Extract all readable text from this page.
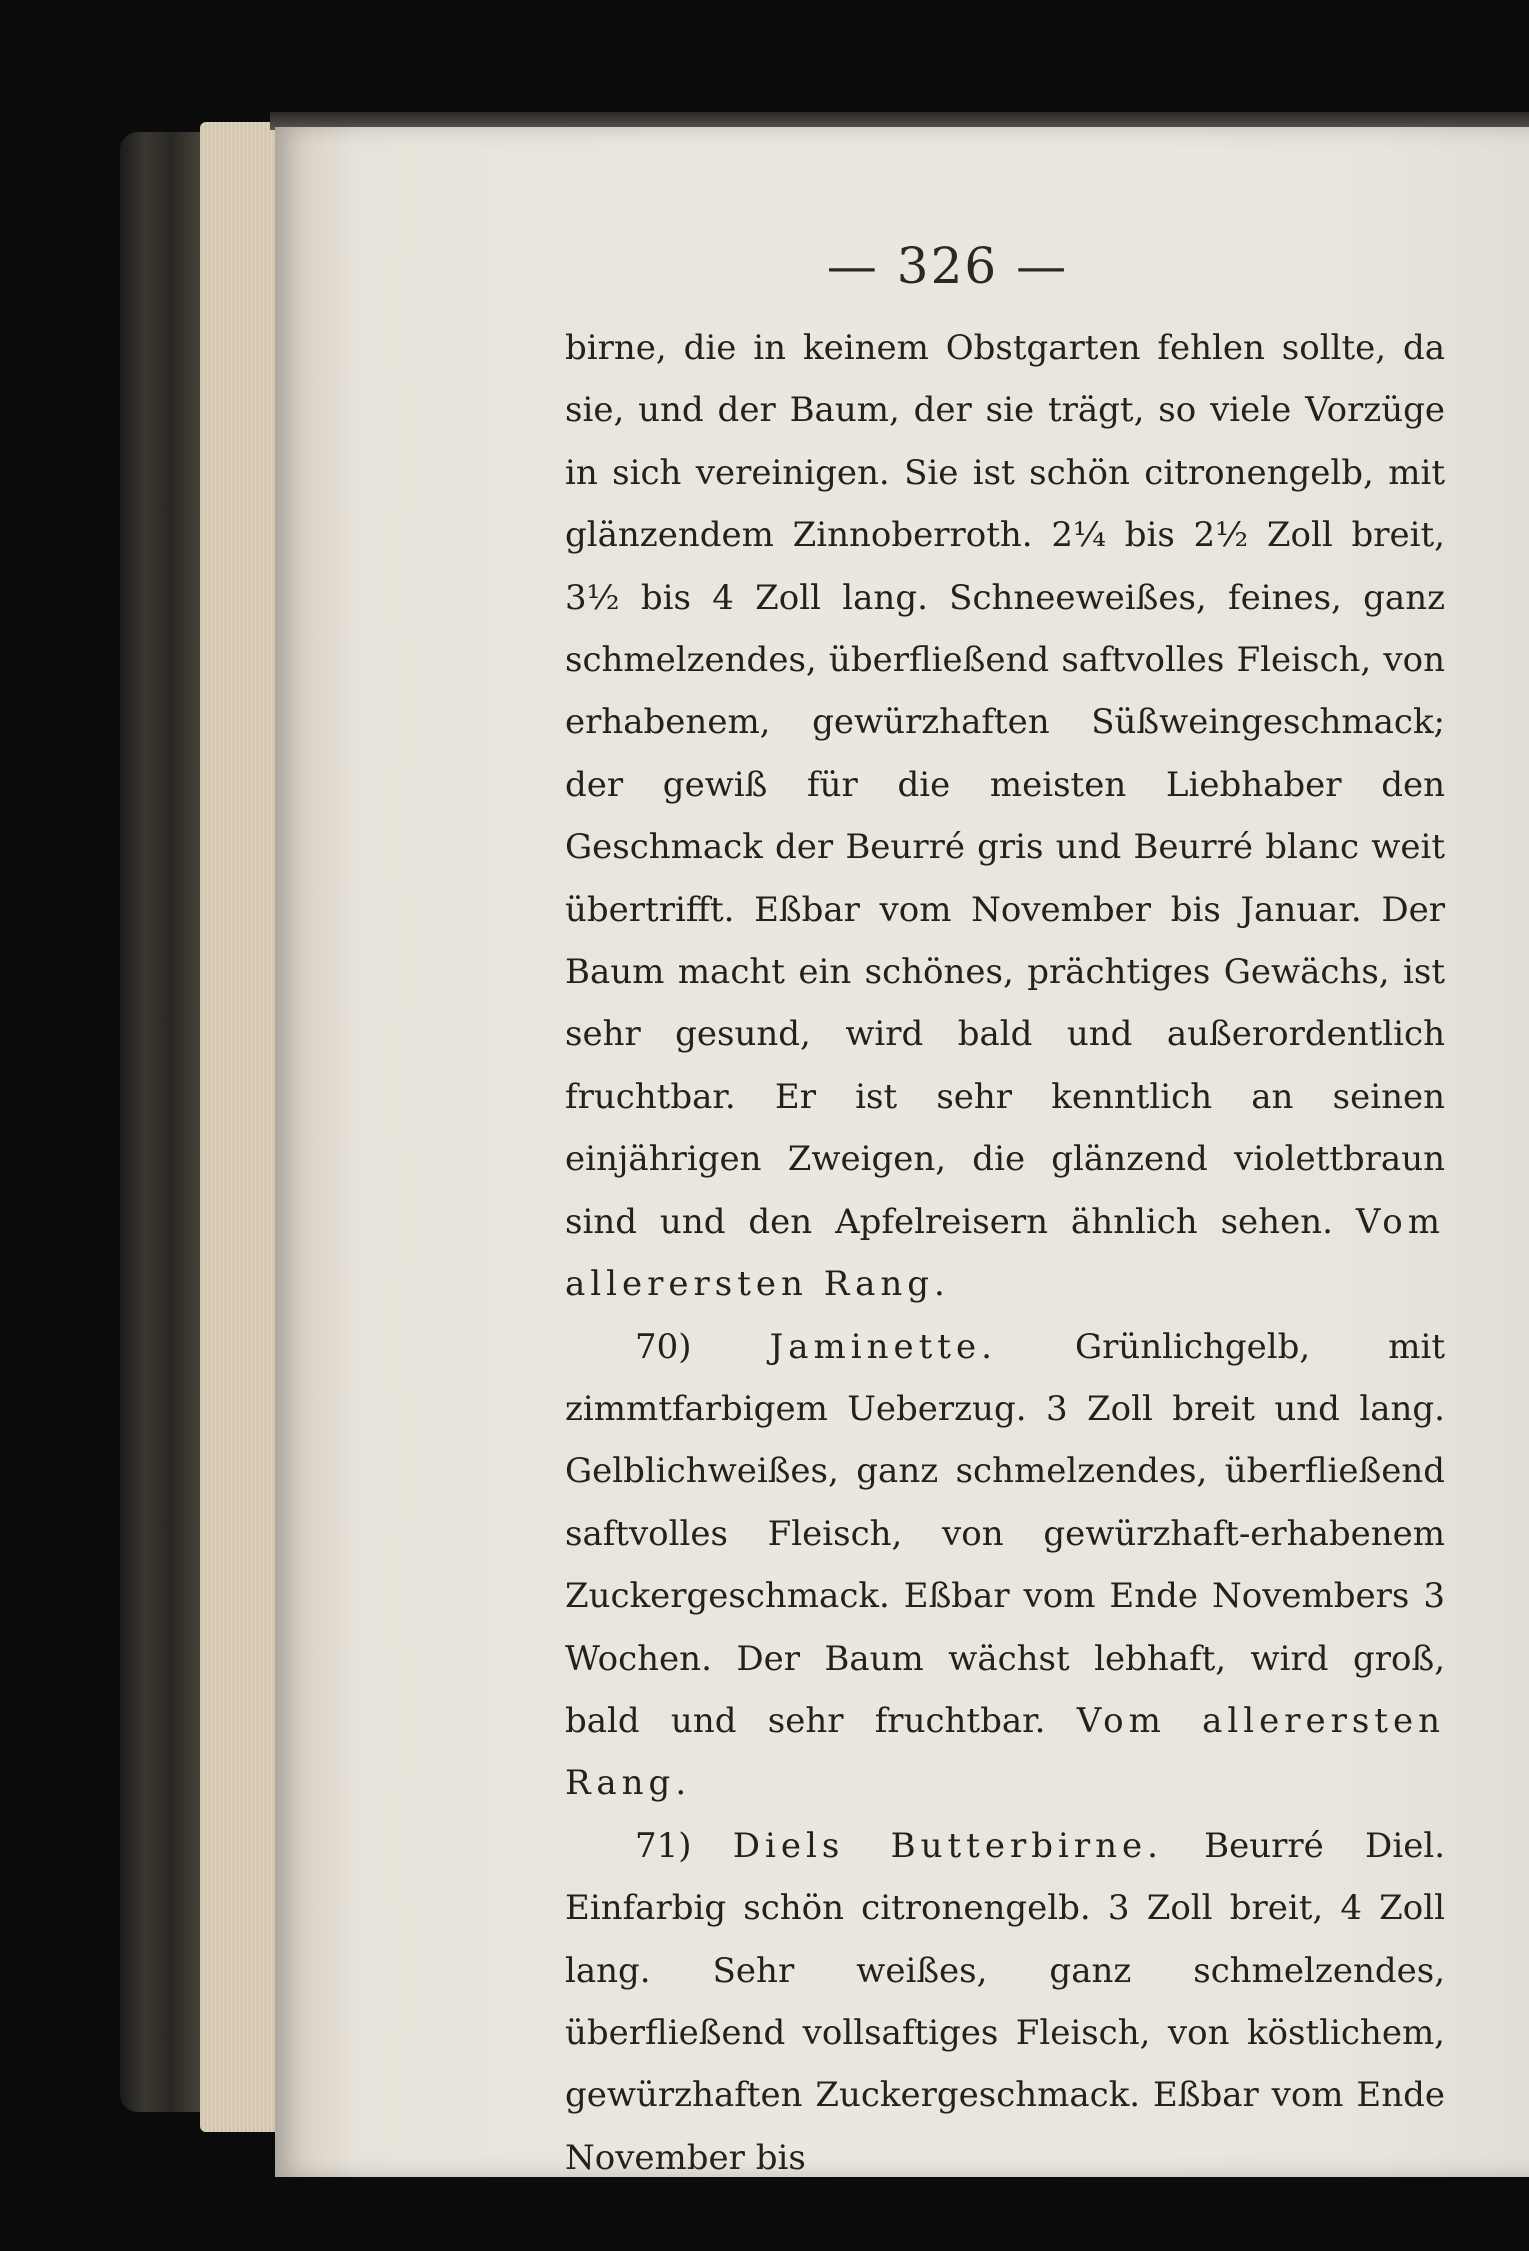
— 326 —

birne, die in keinem Obstgarten fehlen sollte, da sie, und der Baum, der sie trägt, so viele Vorzüge in sich vereinigen. Sie ist schön citronengelb, mit glänzendem Zinnoberroth. 2¼ bis 2½ Zoll breit, 3½ bis 4 Zoll lang. Schneeweißes, feines, ganz schmelzendes, überfließend saftvolles Fleisch, von erhabenem, gewürzhaften Süßweingeschmack; der gewiß für die meisten Liebhaber den Geschmack der Beurré gris und Beurré blanc weit übertrifft. Eßbar vom November bis Januar. Der Baum macht ein schönes, prächtiges Gewächs, ist sehr gesund, wird bald und außerordentlich fruchtbar. Er ist sehr kenntlich an seinen einjährigen Zweigen, die glänzend violettbraun sind und den Apfelreisern ähnlich sehen. Vom allerersten Rang.

70) Jaminette. Grünlichgelb, mit zimmtfarbigem Ueberzug. 3 Zoll breit und lang. Gelblichweißes, ganz schmelzendes, überfließend saftvolles Fleisch, von gewürzhaft-erhabenem Zuckergeschmack. Eßbar vom Ende Novembers 3 Wochen. Der Baum wächst lebhaft, wird groß, bald und sehr fruchtbar. Vom allerersten Rang.

71) Diels Butterbirne. Beurré Diel. Einfarbig schön citronengelb. 3 Zoll breit, 4 Zoll lang. Sehr weißes, ganz schmelzendes, überfließend vollsaftiges Fleisch, von köstlichem, gewürzhaften Zuckergeschmack. Eßbar vom Ende November bis
